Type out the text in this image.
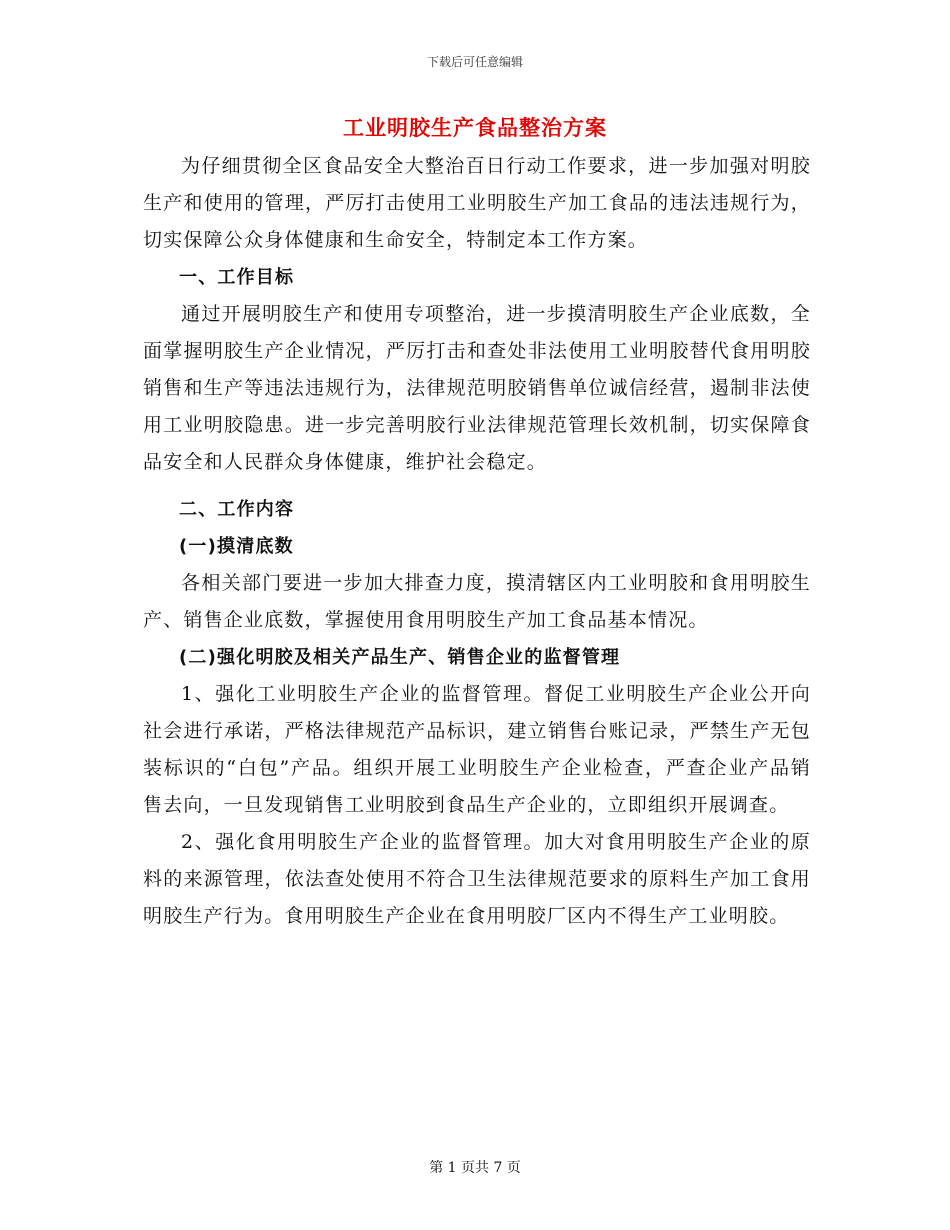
下载后可任意编辑
工业明胶生产食品整治方案

为仔细贯彻全区食品安全大整治百日行动工作要求，进一步加强对明胶生产和使用的管理，严厉打击使用工业明胶生产加工食品的违法违规行为，切实保障公众身体健康和生命安全，特制定本工作方案。

一、工作目标

通过开展明胶生产和使用专项整治，进一步摸清明胶生产企业底数，全面掌握明胶生产企业情况，严厉打击和查处非法使用工业明胶替代食用明胶销售和生产等违法违规行为，法律规范明胶销售单位诚信经营，遏制非法使用工业明胶隐患。进一步完善明胶行业法律规范管理长效机制，切实保障食品安全和人民群众身体健康，维护社会稳定。

二、工作内容

(一)摸清底数

各相关部门要进一步加大排查力度，摸清辖区内工业明胶和食用明胶生产、销售企业底数，掌握使用食用明胶生产加工食品基本情况。

(二)强化明胶及相关产品生产、销售企业的监督管理

1、强化工业明胶生产企业的监督管理。督促工业明胶生产企业公开向社会进行承诺，严格法律规范产品标识，建立销售台账记录，严禁生产无包装标识的“白包”产品。组织开展工业明胶生产企业检查，严查企业产品销售去向，一旦发现销售工业明胶到食品生产企业的，立即组织开展调查。

2、强化食用明胶生产企业的监督管理。加大对食用明胶生产企业的原料的来源管理，依法查处使用不符合卫生法律规范要求的原料生产加工食用明胶生产行为。食用明胶生产企业在食用明胶厂区内不得生产工业明胶。

第 1 页共 7 页
